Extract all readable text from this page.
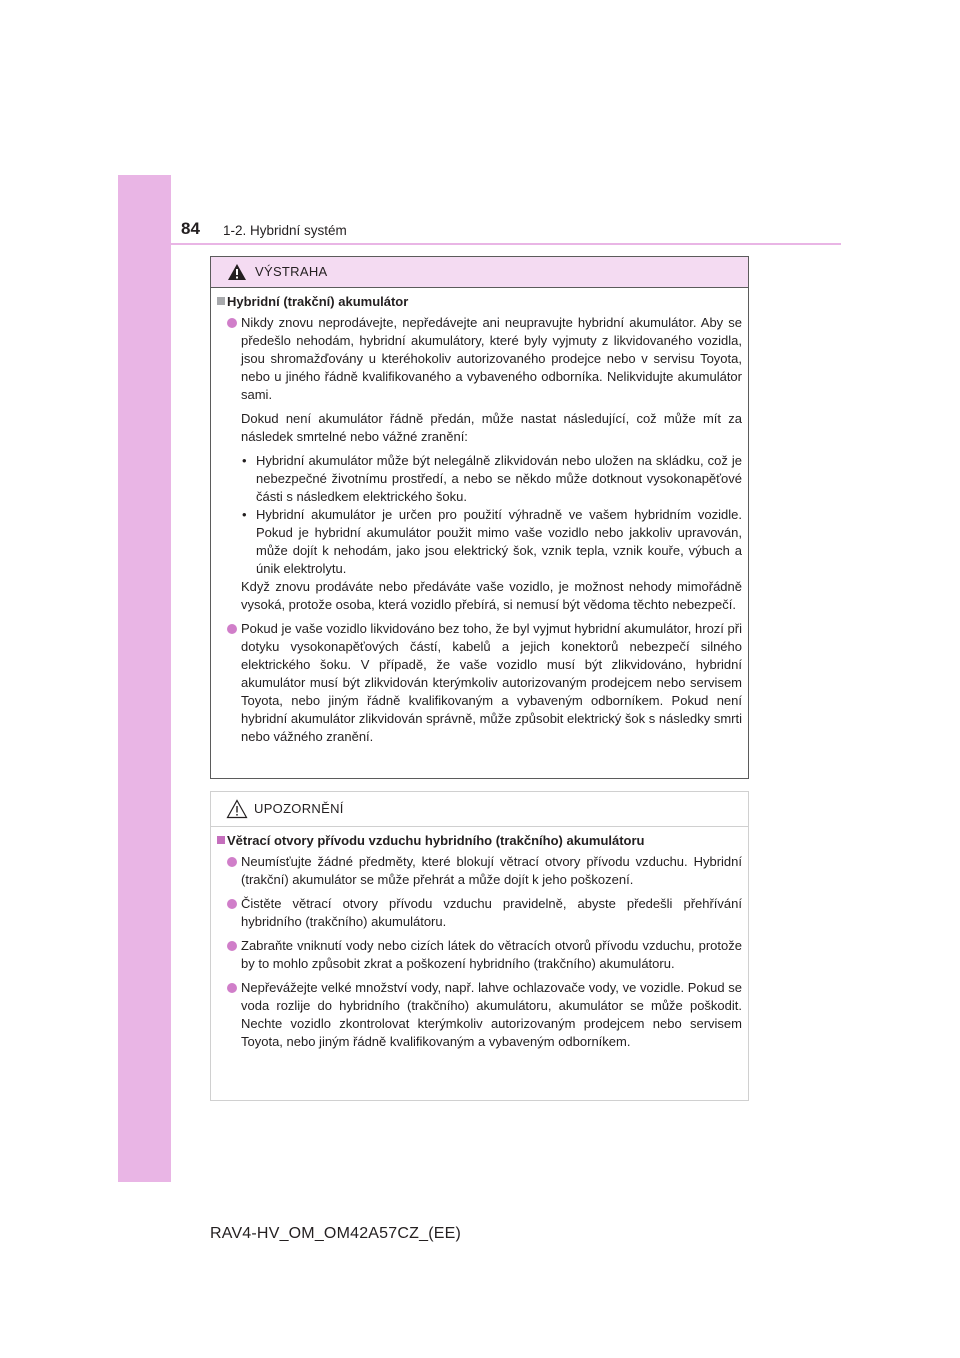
84 1-2. Hybridní systém
VÝSTRAHA
Hybridní (trakční) akumulátor

Nikdy znovu neprodávejte, nepředávejte ani neupravujte hybridní akumulátor. Aby se předešlo nehodám, hybridní akumulátory, které byly vyjmuty z likvidovaného vozidla, jsou shromažďovány u kteréhokoliv autorizovaného prodejce nebo v servisu Toyota, nebo u jiného řádně kvalifikovaného a vybaveného odborníka. Nelikvidujte akumulátor sami.

Dokud není akumulátor řádně předán, může nastat následující, což může mít za následek smrtelné nebo vážné zranění:

• Hybridní akumulátor může být nelegálně zlikvidován nebo uložen na skládku, což je nebezpečné životnímu prostředí, a nebo se někdo může dotknout vysokonapěťové části s následkem elektrického šoku.
• Hybridní akumulátor je určen pro použití výhradně ve vašem hybridním vozidle. Pokud je hybridní akumulátor použit mimo vaše vozidlo nebo jakkoliv upravován, může dojít k nehodám, jako jsou elektrický šok, vznik tepla, vznik kouře, výbuch a únik elektrolytu.

Když znovu prodáváte nebo předáváte vaše vozidlo, je možnost nehody mimořádně vysoká, protože osoba, která vozidlo přebírá, si nemusí být vědoma těchto nebezpečí.

Pokud je vaše vozidlo likvidováno bez toho, že byl vyjmut hybridní akumulátor, hrozí při dotyku vysokonapěťových částí, kabelů a jejich konektorů nebezpečí silného elektrického šoku. V případě, že vaše vozidlo musí být zlikvidováno, hybridní akumulátor musí být zlikvidován kterýmkoliv autorizovaným prodejcem nebo servisem Toyota, nebo jiným řádně kvalifikovaným a vybaveným odborníkem. Pokud není hybridní akumulátor zlikvidován správně, může způsobit elektrický šok s následky smrti nebo vážného zranění.
UPOZORNĚNÍ
Větrací otvory přívodu vzduchu hybridního (trakčního) akumulátoru
Neumísťujte žádné předměty, které blokují větrací otvory přívodu vzduchu. Hybridní (trakční) akumulátor se může přehrát a může dojít k jeho poškození.
Čistěte větrací otvory přívodu vzduchu pravidelně, abyste předešli přehřívání hybridního (trakčního) akumulátoru.
Zabraňte vniknutí vody nebo cizích látek do větracích otvorů přívodu vzduchu, protože by to mohlo způsobit zkrat a poškození hybridního (trakčního) akumulátoru.
Nepřevážejte velké množství vody, např. lahve ochlazovače vody, ve vozidle. Pokud se voda rozlije do hybridního (trakčního) akumulátoru, akumulátor se může poškodit. Nechte vozidlo zkontrolovat kterýmkoliv autorizovaným prodejcem nebo servisem Toyota, nebo jiným řádně kvalifikovaným a vybaveným odborníkem.
RAV4-HV_OM_OM42A57CZ_(EE)
